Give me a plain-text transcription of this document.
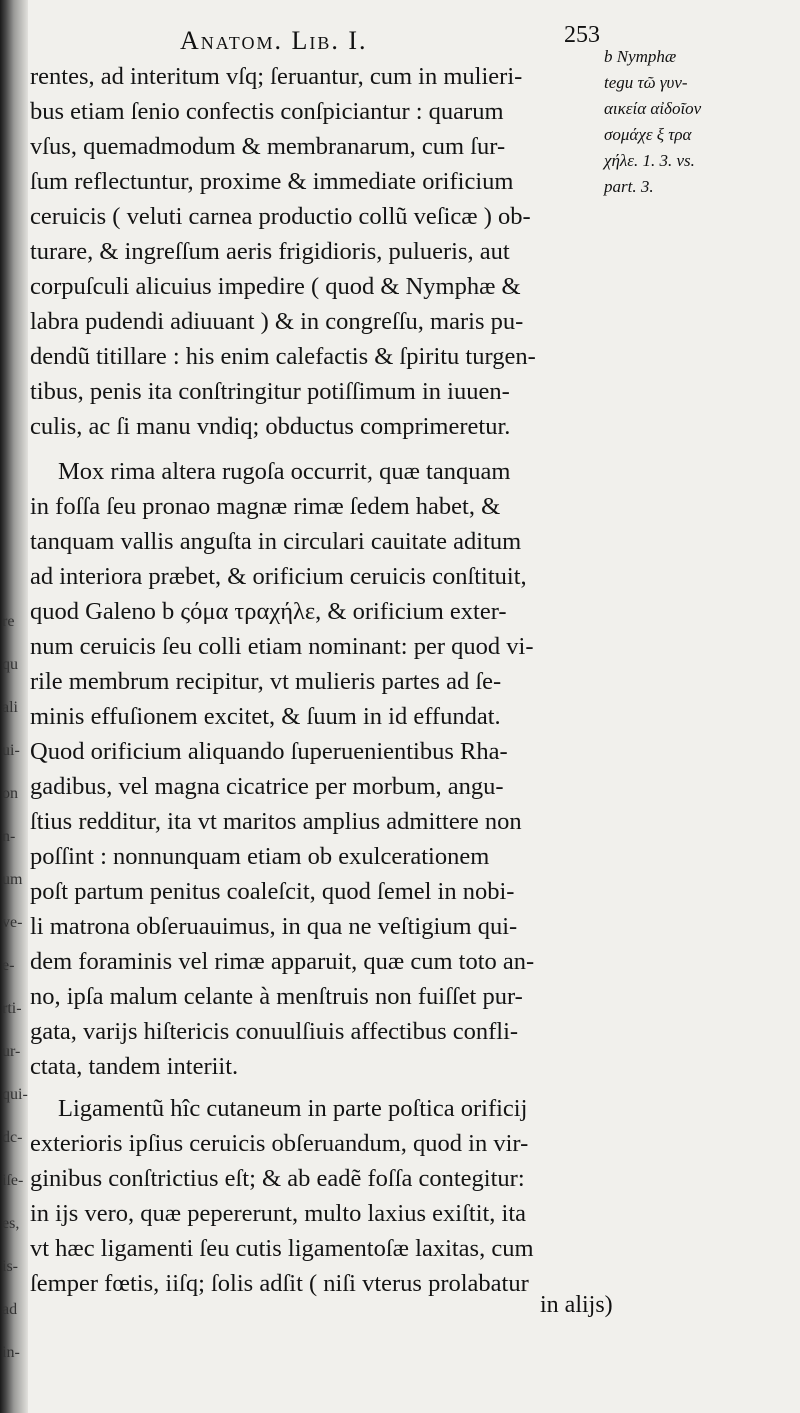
re
qu
ali
ui-
on
n-
um
ve-
e-
rti-
ur-
qui-
dc-
iſe-
es,
is-
ad
in-
Anatom. Lib. I.	253
b Nymphæ
tegu τῶ γυν-
αικεία αἰδοῖον
σομάχε ξ τρα
χήλε. 1. 3. vs.
part. 3.
rentes, ad interitum vſq; ſeruantur, cum in mulieri-
bus etiam ſenio confectis conſpiciantur : quarum
vſus, quemadmodum & membranarum, cum ſur-
ſum reflectuntur, proxime & immediate orificium
ceruicis ( veluti carnea productio collũ veſicæ ) ob-
turare, & ingreſſum aeris frigidioris, pulueris, aut
corpuſculi alicuius impedire ( quod & Nymphæ &
labra pudendi adiuuant ) & in congreſſu, maris pu-
dendũ titillare : his enim calefactis & ſpiritu turgen-
tibus, penis ita conſtringitur potiſſimum in iuuen-
culis, ac ſi manu vndiq; obductus comprimeretur.
Mox rima altera rugoſa occurrit, quæ tanquam
in foſſa ſeu pronao magnæ rimæ ſedem habet, &
tanquam vallis anguſta in circulari cauitate aditum
ad interiora præbet, & orificium ceruicis conſtituit,
quod Galeno b ςόμα τραχήλε, & orificium exter-
num ceruicis ſeu colli etiam nominant: per quod vi-
rile membrum recipitur, vt mulieris partes ad ſe-
minis effuſionem excitet, & ſuum in id effundat.
Quod orificium aliquando ſuperuenientibus Rha-
gadibus, vel magna cicatrice per morbum, angu-
ſtius redditur, ita vt maritos amplius admittere non
poſſint : nonnunquam etiam ob exulcerationem
poſt partum penitus coaleſcit, quod ſemel in nobi-
li matrona obſeruauimus, in qua ne veſtigium qui-
dem foraminis vel rimæ apparuit, quæ cum toto an-
no, ipſa malum celante à menſtruis non fuiſſet pur-
gata, varijs hiſtericis conuulſiuis affectibus confli-
ctata, tandem interiit.
Ligamentũ hîc cutaneum in parte poſtica orificij
exterioris ipſius ceruicis obſeruandum, quod in vir-
ginibus conſtrictius eſt; & ab eadẽ foſſa contegitur:
in ijs vero, quæ pepererunt, multo laxius exiſtit, ita
vt hæc ligamenti ſeu cutis ligamentoſæ laxitas, cum
ſemper fœtis, iiſq; ſolis adſit ( niſi vterus prolabatur
in alijs)
